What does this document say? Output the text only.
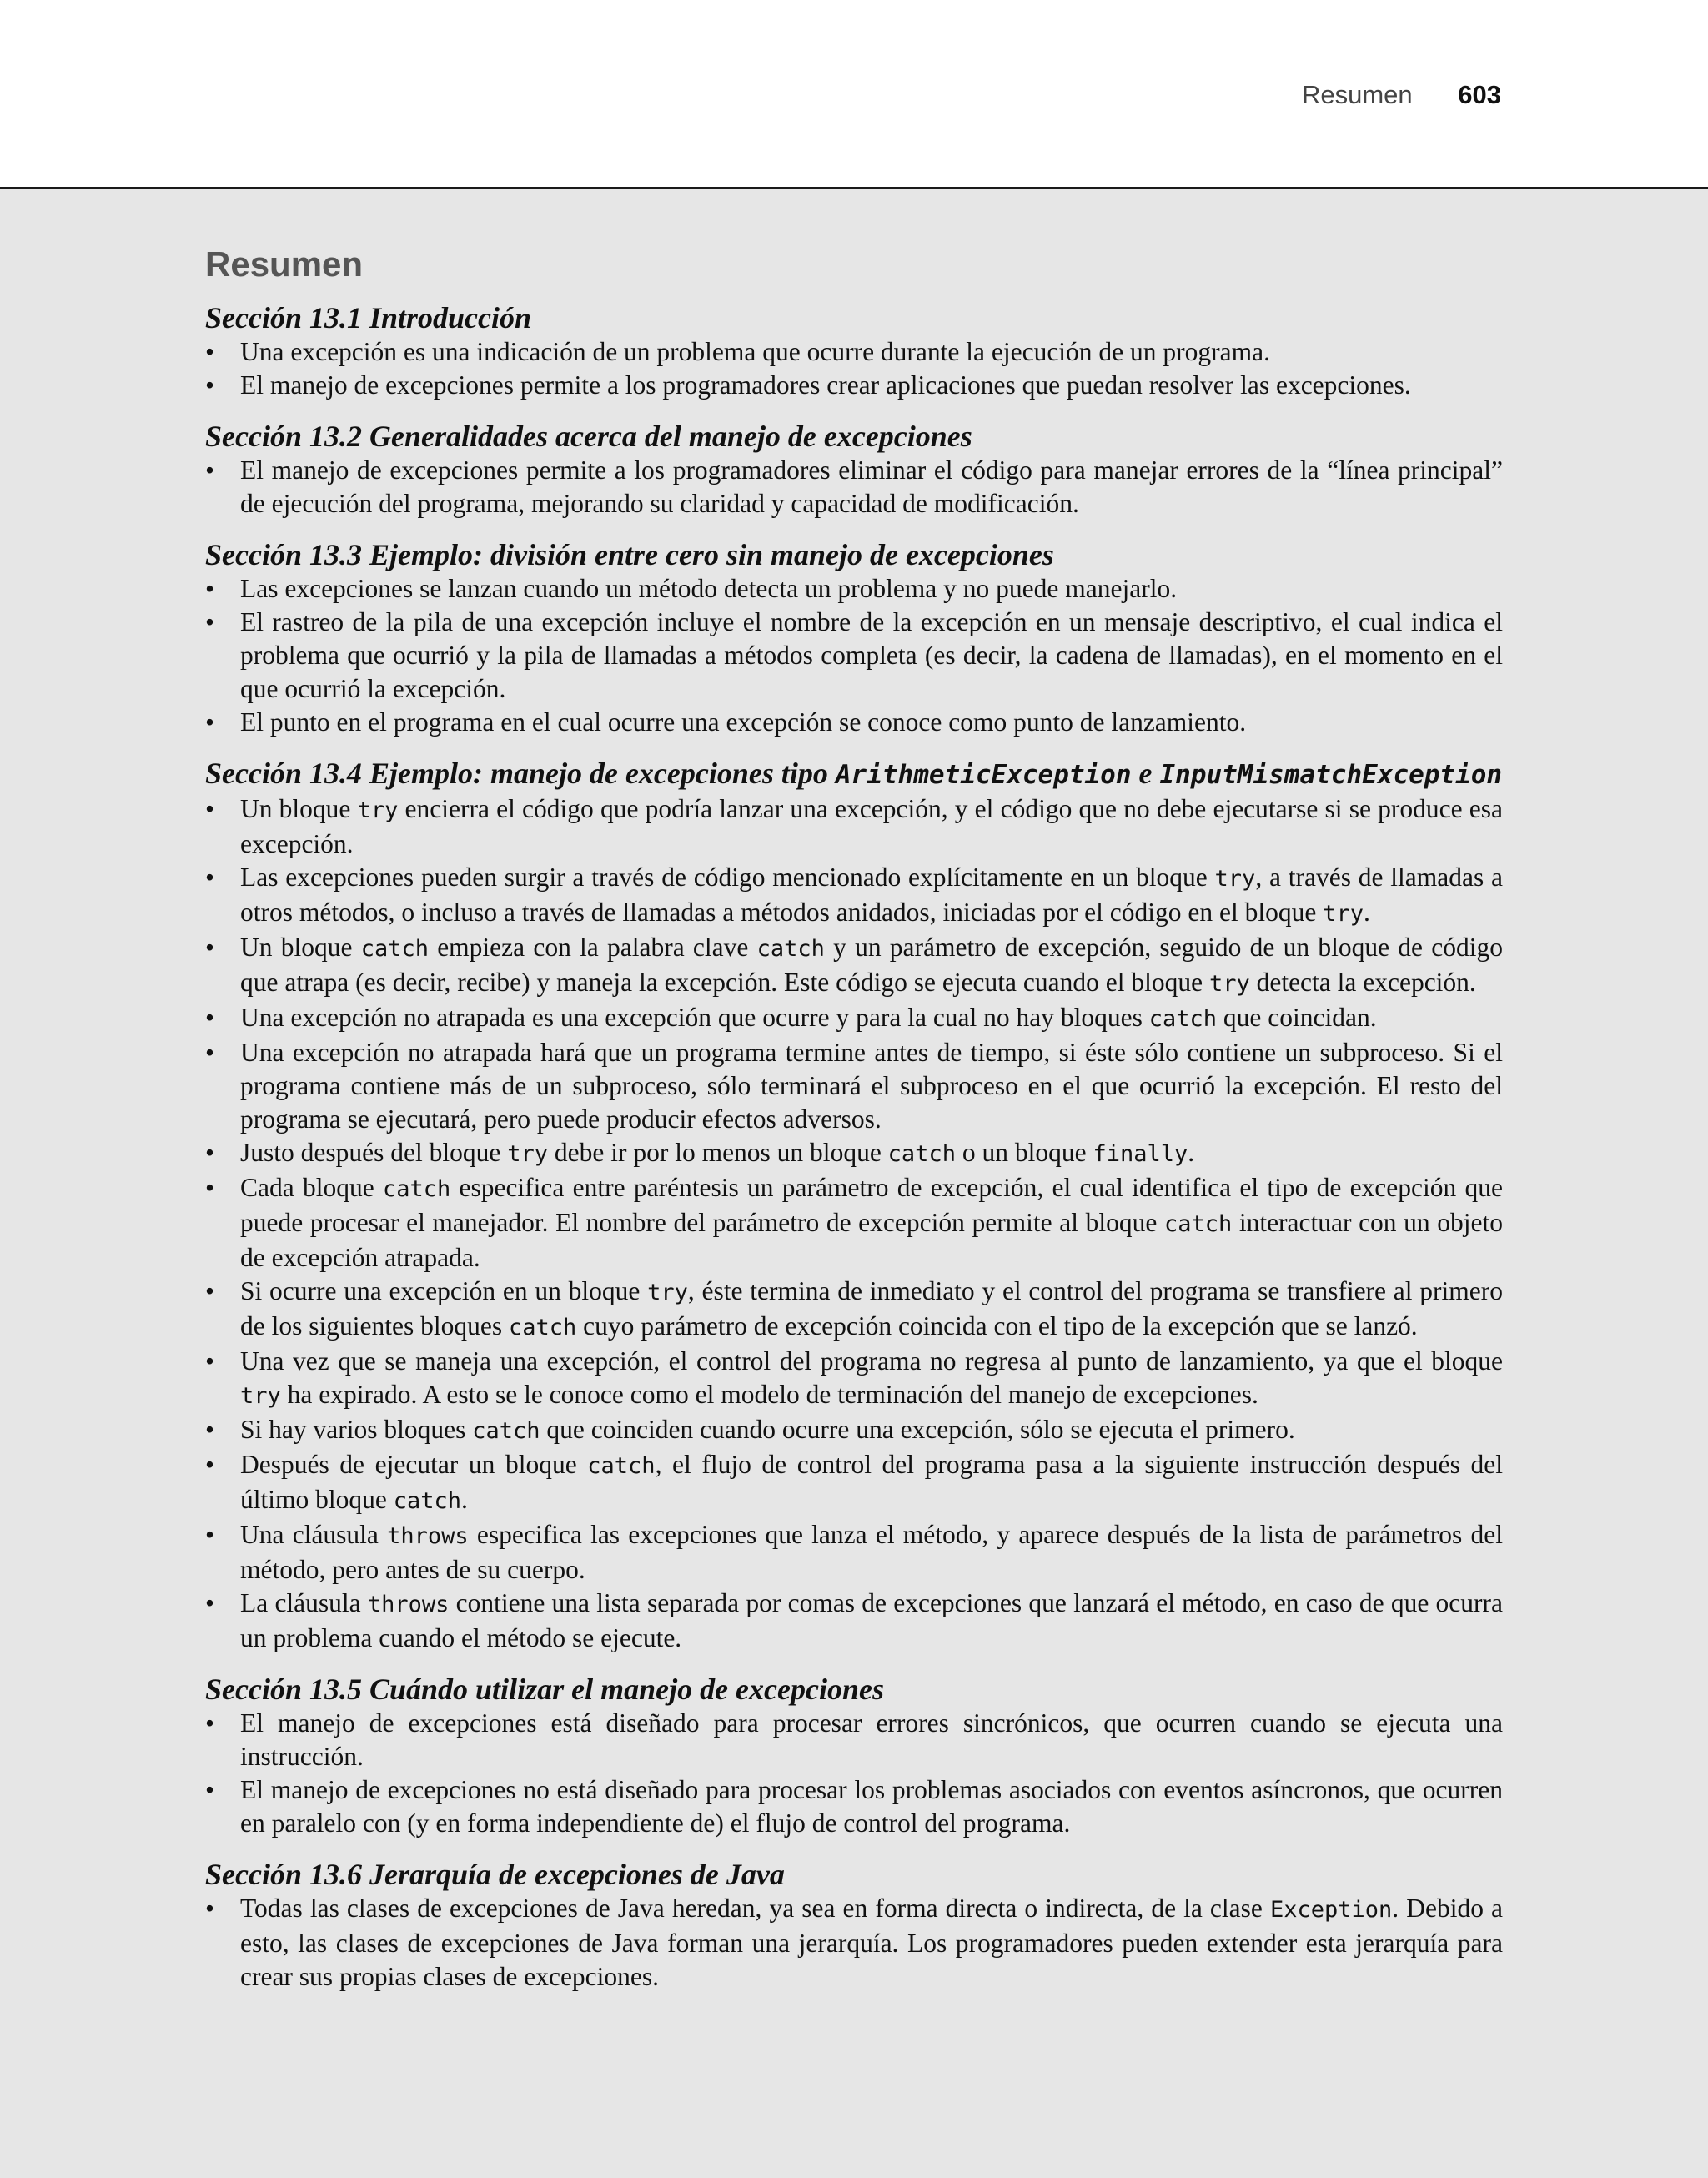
Resumen 603
Resumen
Sección 13.1 Introducción
• Una excepción es una indicación de un problema que ocurre durante la ejecución de un programa.
• El manejo de excepciones permite a los programadores crear aplicaciones que puedan resolver las excepciones.
Sección 13.2 Generalidades acerca del manejo de excepciones
• El manejo de excepciones permite a los programadores eliminar el código para manejar errores de la “línea principal” de ejecución del programa, mejorando su claridad y capacidad de modificación.
Sección 13.3 Ejemplo: división entre cero sin manejo de excepciones
• Las excepciones se lanzan cuando un método detecta un problema y no puede manejarlo.
• El rastreo de la pila de una excepción incluye el nombre de la excepción en un mensaje descriptivo, el cual indica el problema que ocurrió y la pila de llamadas a métodos completa (es decir, la cadena de llamadas), en el momento en el que ocurrió la excepción.
• El punto en el programa en el cual ocurre una excepción se conoce como punto de lanzamiento.
Sección 13.4 Ejemplo: manejo de excepciones tipo ArithmeticException e InputMismatchException
• Un bloque try encierra el código que podría lanzar una excepción, y el código que no debe ejecutarse si se produce esa excepción.
• Las excepciones pueden surgir a través de código mencionado explícitamente en un bloque try, a través de llamadas a otros métodos, o incluso a través de llamadas a métodos anidados, iniciadas por el código en el bloque try.
• Un bloque catch empieza con la palabra clave catch y un parámetro de excepción, seguido de un bloque de código que atrapa (es decir, recibe) y maneja la excepción. Este código se ejecuta cuando el bloque try detecta la excepción.
• Una excepción no atrapada es una excepción que ocurre y para la cual no hay bloques catch que coincidan.
• Una excepción no atrapada hará que un programa termine antes de tiempo, si éste sólo contiene un subproceso. Si el programa contiene más de un subproceso, sólo terminará el subproceso en el que ocurrió la excepción. El resto del programa se ejecutará, pero puede producir efectos adversos.
• Justo después del bloque try debe ir por lo menos un bloque catch o un bloque finally.
• Cada bloque catch especifica entre paréntesis un parámetro de excepción, el cual identifica el tipo de excepción que puede procesar el manejador. El nombre del parámetro de excepción permite al bloque catch interactuar con un objeto de excepción atrapada.
• Si ocurre una excepción en un bloque try, éste termina de inmediato y el control del programa se transfiere al primero de los siguientes bloques catch cuyo parámetro de excepción coincida con el tipo de la excepción que se lanzó.
• Una vez que se maneja una excepción, el control del programa no regresa al punto de lanzamiento, ya que el bloque try ha expirado. A esto se le conoce como el modelo de terminación del manejo de excepciones.
• Si hay varios bloques catch que coinciden cuando ocurre una excepción, sólo se ejecuta el primero.
• Después de ejecutar un bloque catch, el flujo de control del programa pasa a la siguiente instrucción después del último bloque catch.
• Una cláusula throws especifica las excepciones que lanza el método, y aparece después de la lista de parámetros del método, pero antes de su cuerpo.
• La cláusula throws contiene una lista separada por comas de excepciones que lanzará el método, en caso de que ocurra un problema cuando el método se ejecute.
Sección 13.5 Cuándo utilizar el manejo de excepciones
• El manejo de excepciones está diseñado para procesar errores sincrónicos, que ocurren cuando se ejecuta una instrucción.
• El manejo de excepciones no está diseñado para procesar los problemas asociados con eventos asíncronos, que ocurren en paralelo con (y en forma independiente de) el flujo de control del programa.
Sección 13.6 Jerarquía de excepciones de Java
• Todas las clases de excepciones de Java heredan, ya sea en forma directa o indirecta, de la clase Exception. Debido a esto, las clases de excepciones de Java forman una jerarquía. Los programadores pueden extender esta jerarquía para crear sus propias clases de excepciones.
